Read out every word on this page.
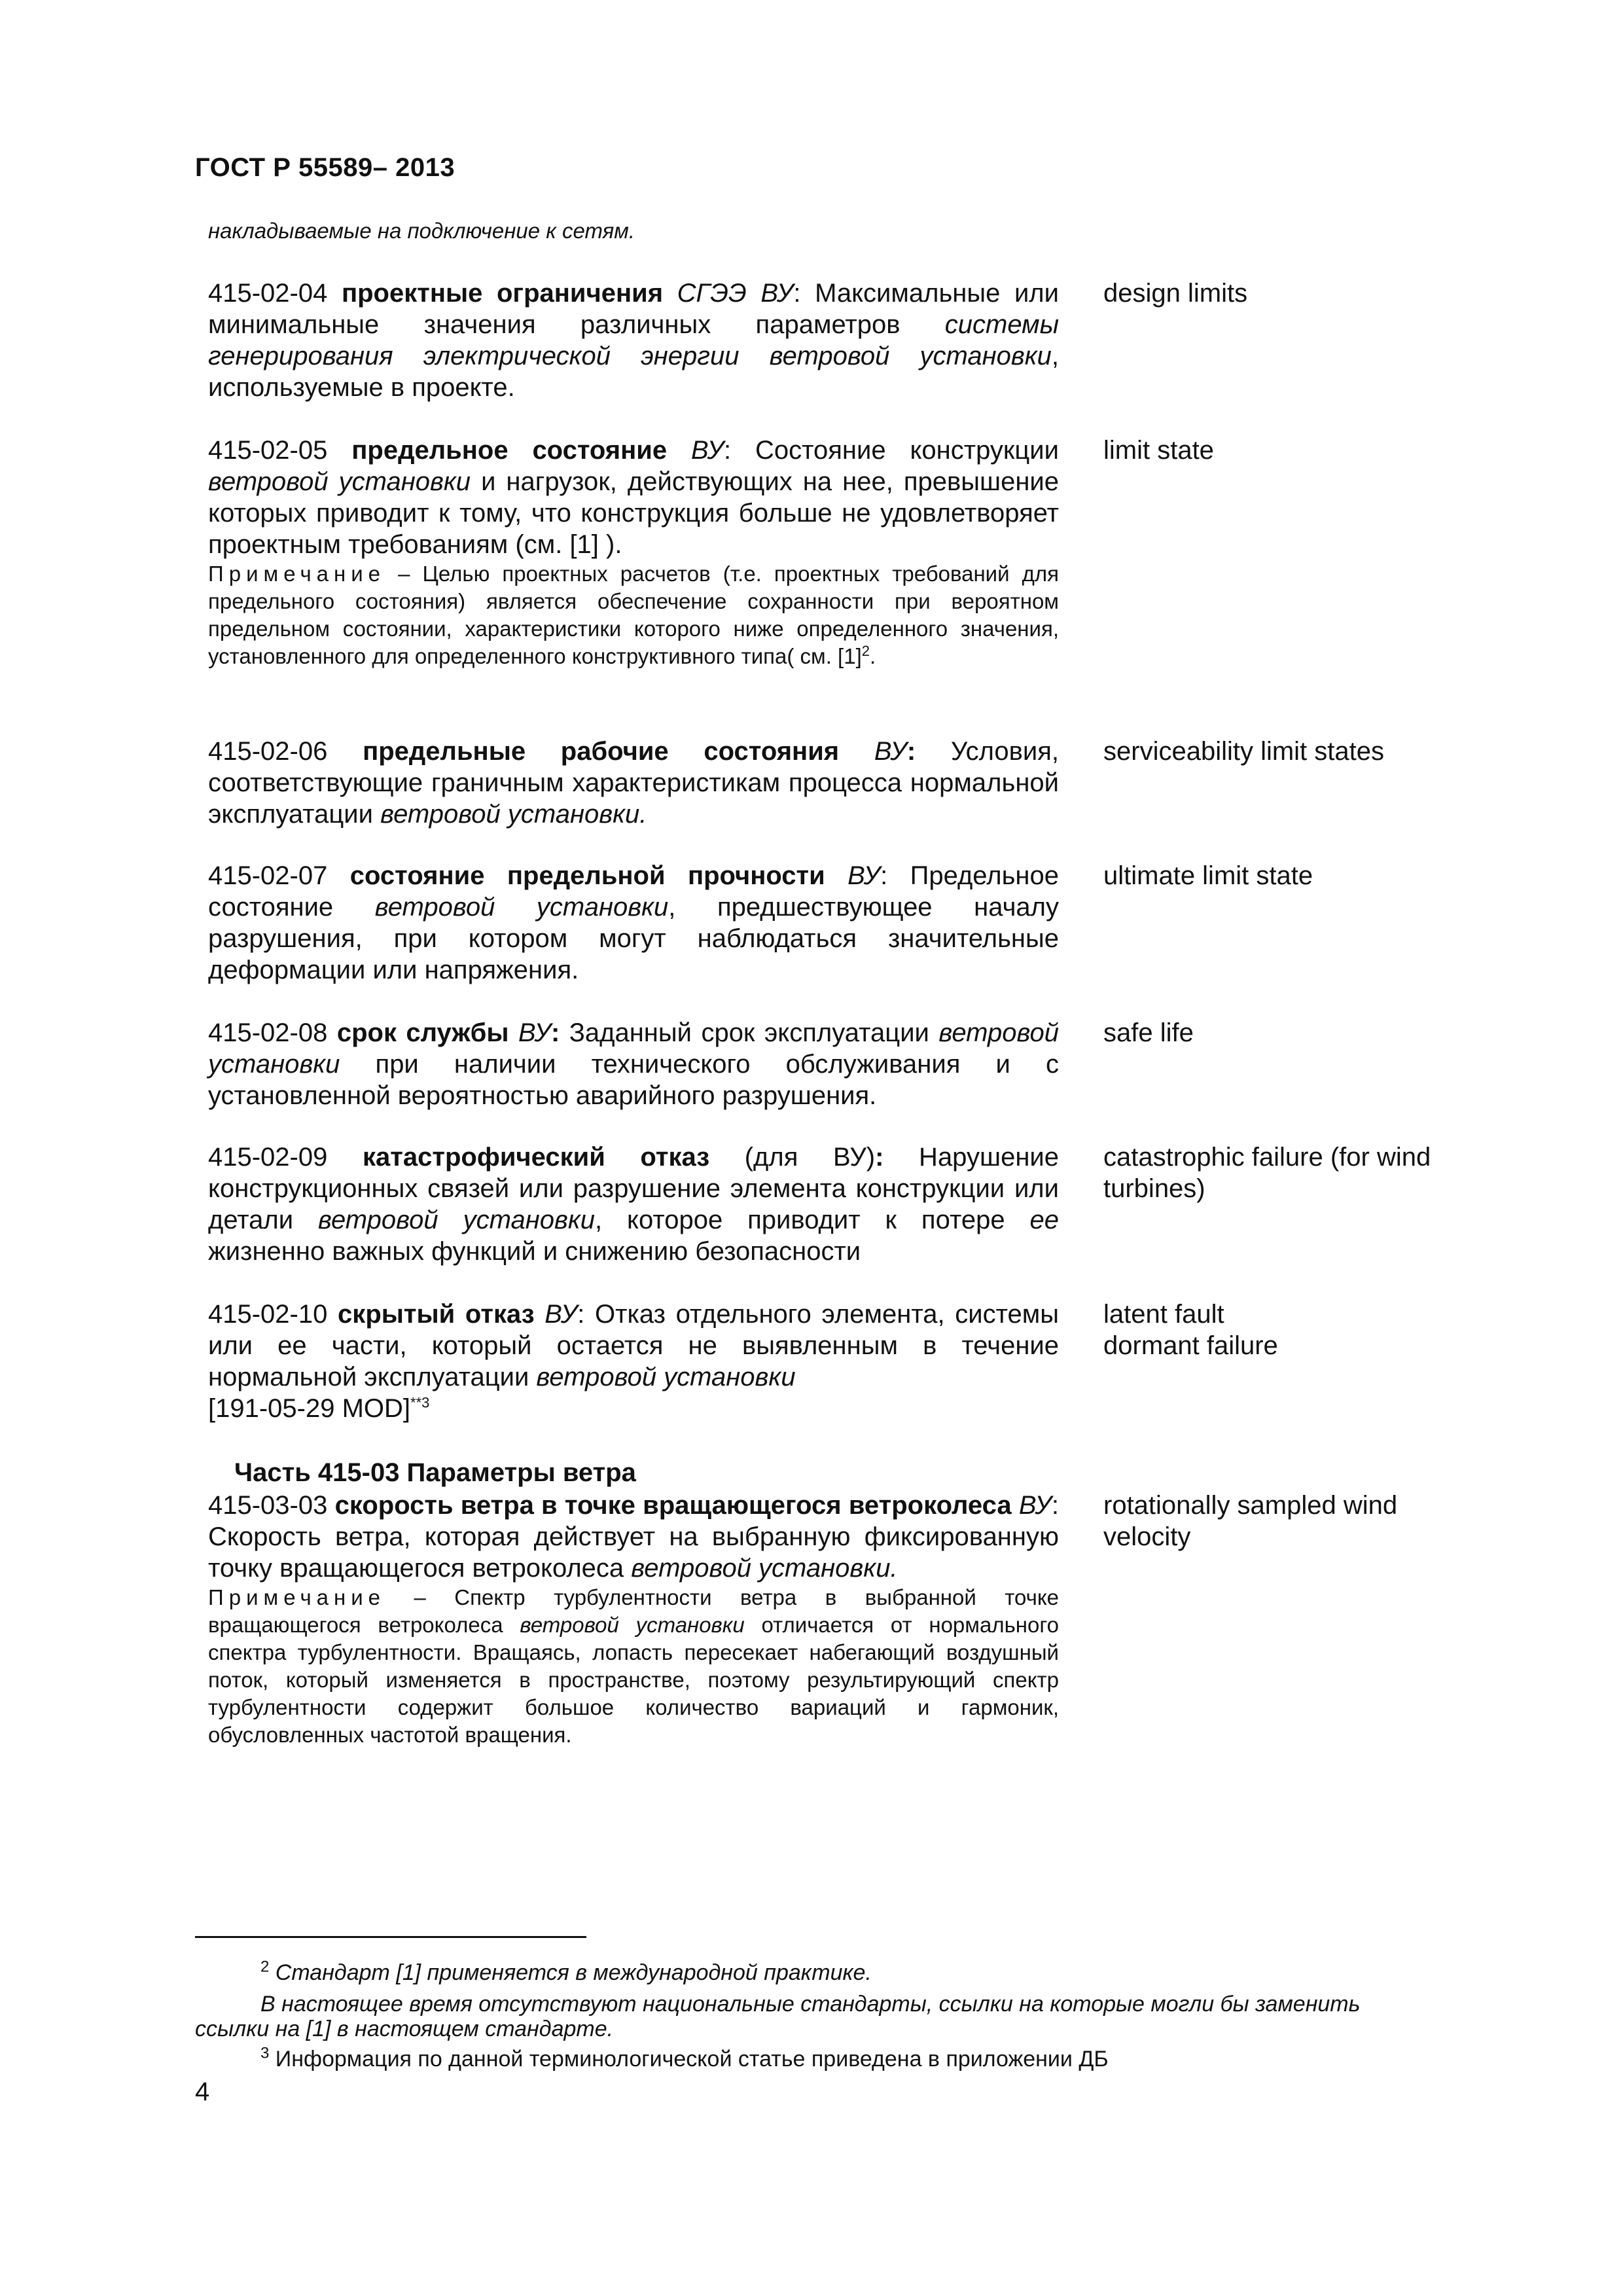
ГОСТ Р 55589– 2013
накладываемые на подключение к сетям.

415-02-04 проектные ограничения СГЭЭ ВУ: Максимальные или минимальные значения различных параметров системы генерирования электрической энергии ветровой установки, используемые в проекте.

design limits

415-02-05 предельное состояние ВУ: Состояние конструкции ветровой установки и нагрузок, действующих на нее, превышение которых приводит к тому, что конструкция больше не удовлетворяет проектным требованиям (см. [1] ).

Примечание – Целью проектных расчетов (т.е. проектных требований для предельного состояния) является обеспечение сохранности при вероятном предельном состоянии, характеристики которого ниже определенного значения, установленного для определенного конструктивного типа( см. $[1]^2$.

limit state

415-02-06 предельные рабочие состояния ВУ: Условия, соответствующие граничным характеристикам процесса нормальной эксплуатации ветровой установки.

serviceability limit states

415-02-07 состояние предельной прочности ВУ: Предельное состояние ветровой установки, предшествующее началу разрушения, при котором могут наблюдаться значительные деформации или напряжения.

ultimate limit state

415-02-08 срок службы ВУ: Заданный срок эксплуатации ветровой установки при наличии технического обслуживания и с установленной вероятностью аварийного разрушения.

safe life

415-02-09 катастрофический отказ (для ВУ): Нарушение конструкционных связей или разрушение элемента конструкции или детали ветровой установки, которое приводит к потере ее жизненно важных функций и снижению безопасности

catastrophic failure (for wind
turbines)

415-02-10 скрытый отказ ВУ: Отказ отдельного элемента, системы или ее части, который остается не выявленным в течение нормальной эксплуатации ветровой установки

[191-05-29 MOD]$^{**3}$

latent fault
dormant failure
Часть 415-03 Параметры ветра

415-03-03 скорость ветра в точке вращающегося ветроколеса ВУ: Скорость ветра, которая действует на выбранную фиксированную точку вращающегося ветроколеса ветровой установки.

Примечание – Спектр турбулентности ветра в выбранной точке вращающегося ветроколеса ветровой установки отличается от нормального спектра турбулентности. Вращаясь, лопасть пересекает набегающий воздушный поток, который изменяется в пространстве, поэтому результирующий спектр турбулентности содержит большое количество вариаций и гармоник, обусловленных частотой вращения.

rotationally sampled wind
velocity
$^2$ Стандарт [1] применяется в международной практике.
В настоящее время отсутствуют национальные стандарты, ссылки на которые могли бы заменить
ссылки на [1] в настоящем стандарте.
$^3$ Информация по данной терминологической статье приведена в приложении ДБ
4
